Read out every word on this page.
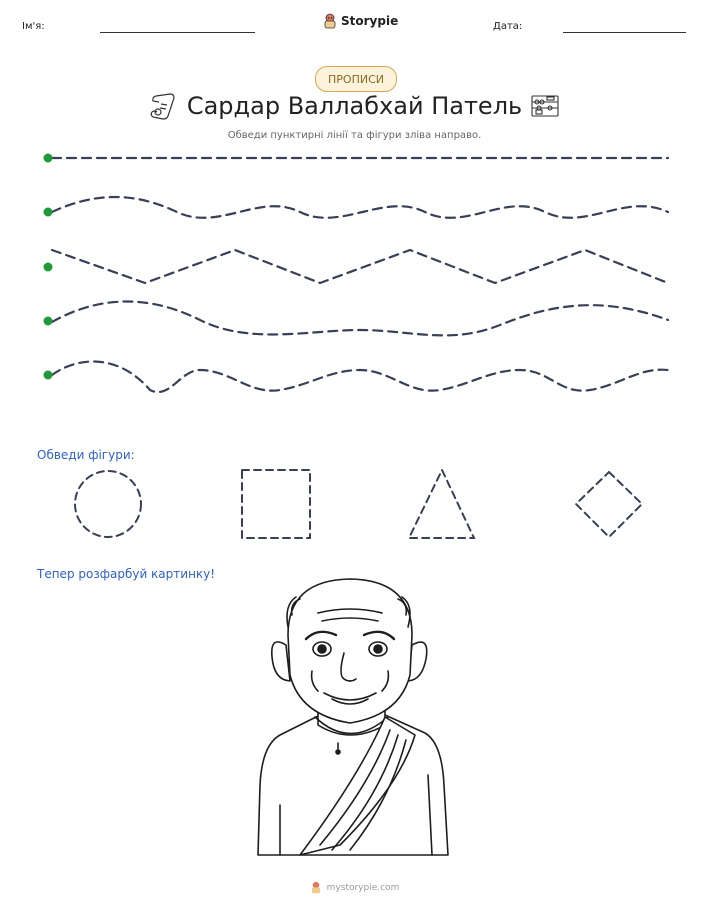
Ім'я:	Storypie	Дата:
ПРОПИСИ
Сардар Валлабхай Патель
Обведи пунктирні лінії та фігури зліва направо.
Обведи фігури:
Тепер розфарбуй картинку!
mystorypie.com
